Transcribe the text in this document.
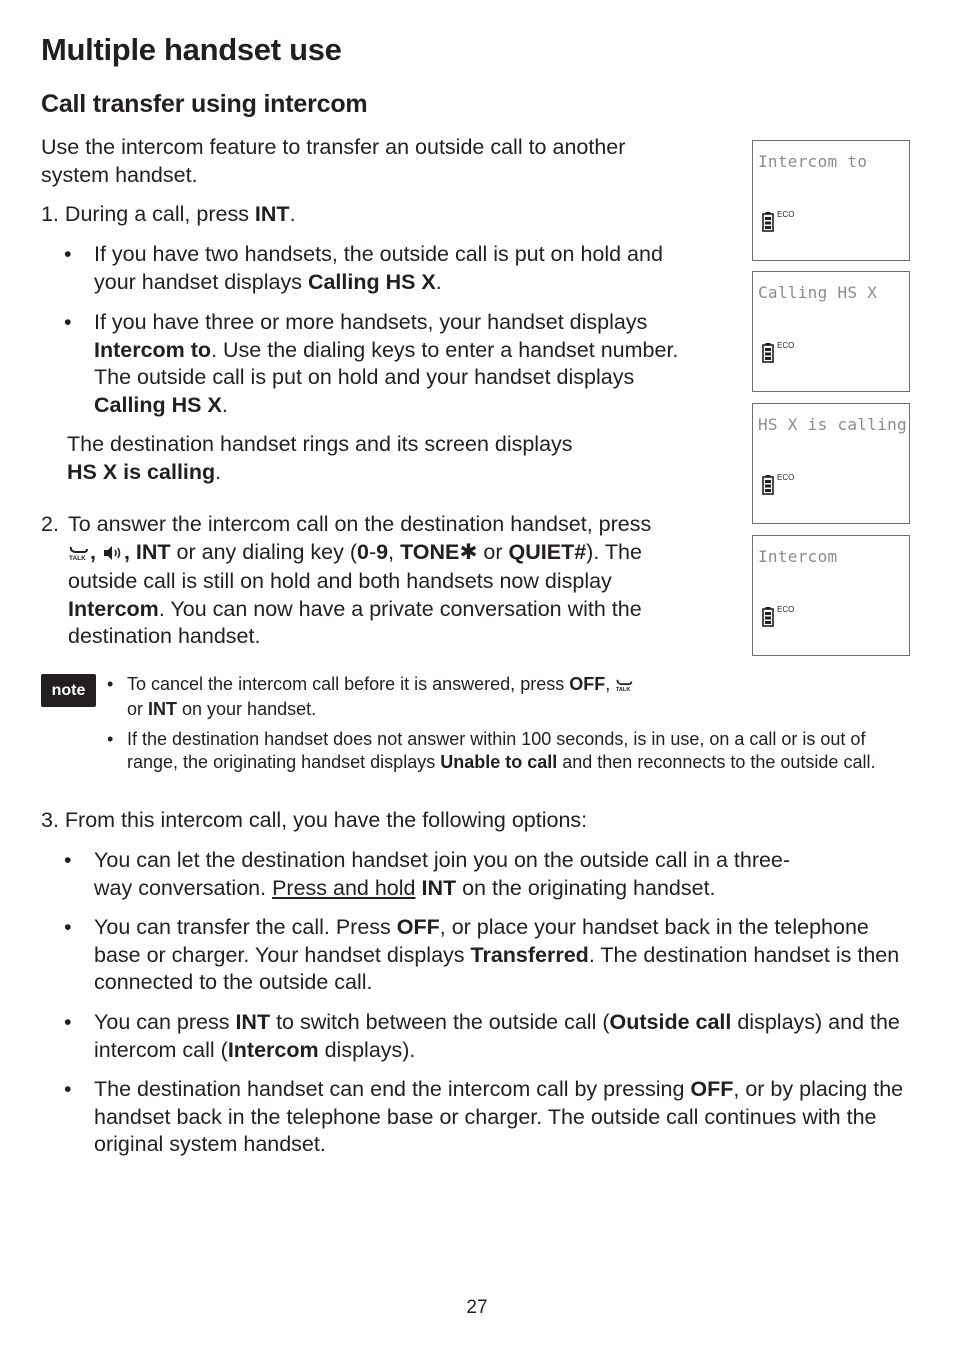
Multiple handset use
Call transfer using intercom

Use the intercom feature to transfer an outside call to another system handset.

1. During a call, press INT.
• If you have two handsets, the outside call is put on hold and your handset displays Calling HS X.
• If you have three or more handsets, your handset displays Intercom to. Use the dialing keys to enter a handset number. The outside call is put on hold and your handset displays Calling HS X.
The destination handset rings and its screen displays
HS X is calling.
2. To answer the intercom call on the destination handset, press

TALK , , INT or any dialing key (0-9, TONE✱ or QUIET#). The outside call is still on hold and both handsets now display Intercom. You can now have a private conversation with the destination handset.
Intercom to
ECO
Calling HS X
ECO
HS X is calling
ECO
Intercom
ECO
note	• To cancel the intercom call before it is answered, press OFF, TALK

or INT on your handset.
• If the destination handset does not answer within 100 seconds, is in use, on a call or is out of range, the originating handset displays Unable to call and then reconnects to the outside call.
3. From this intercom call, you have the following options:
• You can let the destination handset join you on the outside call in a three-way conversation. Press and hold INT on the originating handset.
• You can transfer the call. Press OFF, or place your handset back in the telephone base or charger. Your handset displays Transferred. The destination handset is then connected to the outside call.
• You can press INT to switch between the outside call (Outside call displays) and the intercom call (Intercom displays).
• The destination handset can end the intercom call by pressing OFF, or by placing the handset back in the telephone base or charger. The outside call continues with the original system handset.
27
